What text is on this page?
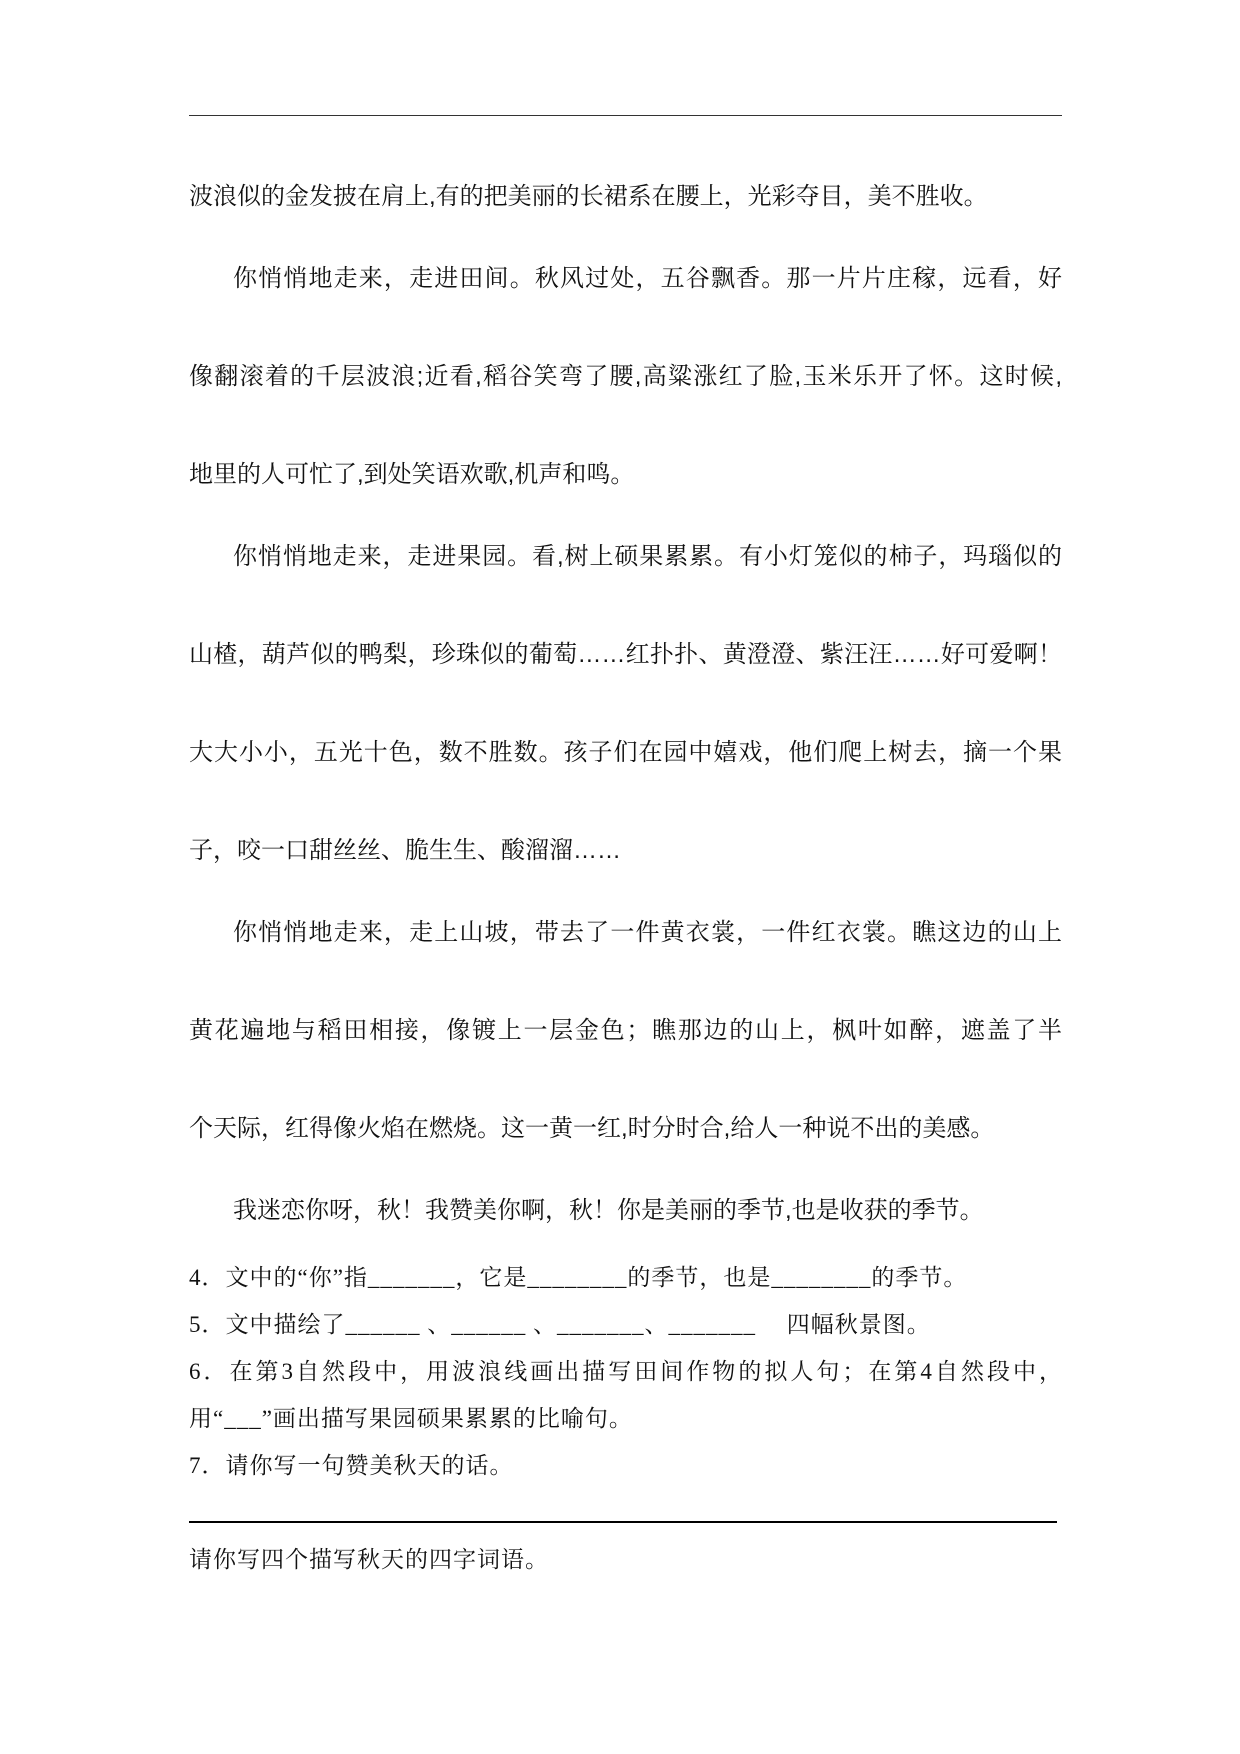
波浪似的金发披在肩上,有的把美丽的长裙系在腰上，光彩夺目，美不胜收。
你悄悄地走来，走进田间。秋风过处，五谷飘香。那一片片庄稼，远看，好
像翻滚着的千层波浪;近看,稻谷笑弯了腰,高粱涨红了脸,玉米乐开了怀。这时候,
地里的人可忙了,到处笑语欢歌,机声和鸣。
你悄悄地走来，走进果园。看,树上硕果累累。有小灯笼似的柿子，玛瑙似的
山楂，葫芦似的鸭梨，珍珠似的葡萄……红扑扑、黄澄澄、紫汪汪……好可爱啊！
大大小小，五光十色，数不胜数。孩子们在园中嬉戏，他们爬上树去，摘一个果
子，咬一口甜丝丝、脆生生、酸溜溜……
你悄悄地走来，走上山坡，带去了一件黄衣裳，一件红衣裳。瞧这边的山上
黄花遍地与稻田相接，像镀上一层金色；瞧那边的山上，枫叶如醉，遮盖了半
个天际，红得像火焰在燃烧。这一黄一红,时分时合,给人一种说不出的美感。
我迷恋你呀，秋！我赞美你啊，秋！你是美丽的季节,也是收获的季节。
4．文中的“你”指_______，它是________的季节，也是________的季节。
5．文中描绘了______ 、______ 、_______、_______　 四幅秋景图。
6．在第3自然段中，用波浪线画出描写田间作物的拟人句；在第4自然段中，
用“___”画出描写果园硕果累累的比喻句。
7．请你写一句赞美秋天的话。
请你写四个描写秋天的四字词语。
